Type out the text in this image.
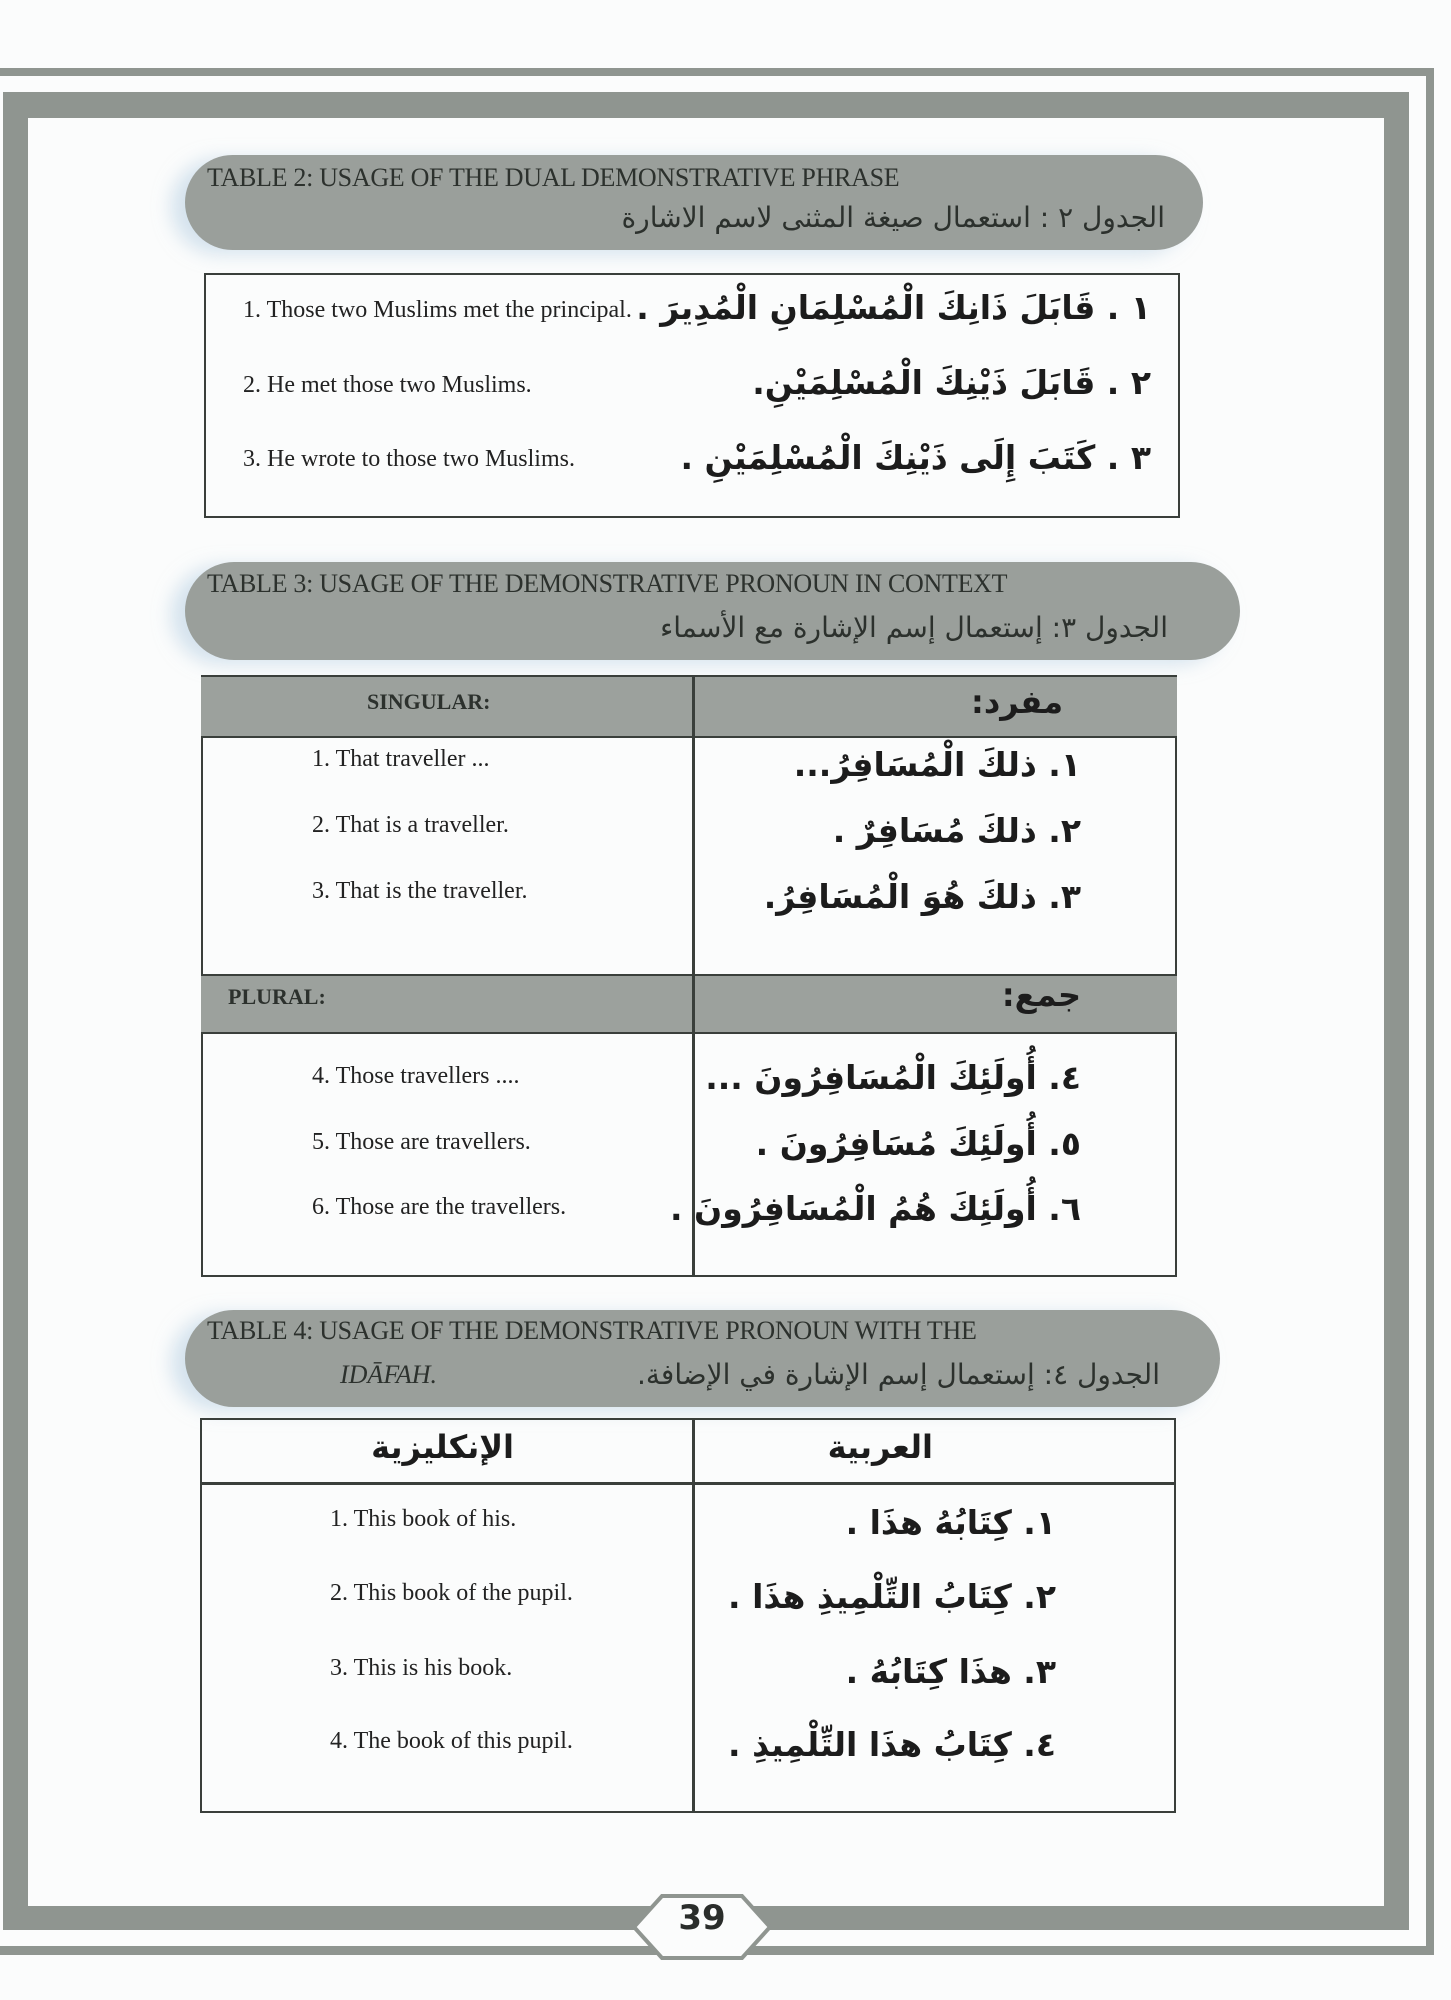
TABLE 2: USAGE OF THE DUAL DEMONSTRATIVE PHRASE
الجدول ٢ : استعمال صيغة المثنى لاسم الاشارة
1. Those two Muslims met the principal. ١ . قَابَلَ ذَانِكَ الْمُسْلِمَانِ الْمُدِيرَ .
2. He met those two Muslims.	٢ . قَابَلَ ذَيْنِكَ الْمُسْلِمَيْنِ.
3. He wrote to those two Muslims.	٣ . كَتَبَ إِلَى ذَيْنِكَ الْمُسْلِمَيْنِ .
TABLE 3: USAGE OF THE DEMONSTRATIVE PRONOUN IN CONTEXT
الجدول ٣: إستعمال إسم الإشارة مع الأسماء
SINGULAR:	مفرد:
1. That traveller ...	١. ذلكَ الْمُسَافِرُ...
2. That is a traveller.	٢. ذلكَ مُسَافِرٌ .
3. That is the traveller.	٣. ذلكَ هُوَ الْمُسَافِرُ.
PLURAL:	جمع:
4. Those travellers ....	٤. أُولَئِكَ الْمُسَافِرُونَ ...
5. Those are travellers.	٥. أُولَئِكَ مُسَافِرُونَ .
6. Those are the travellers.	٦. أُولَئِكَ هُمُ الْمُسَافِرُونَ .
TABLE 4: USAGE OF THE DEMONSTRATIVE PRONOUN WITH THE
IDĀFAH.	الجدول ٤: إستعمال إسم الإشارة في الإضافة.
الإنكليزية	العربية
1. This book of his.	١. كِتَابُهُ هذَا .
2. This book of the pupil.	٢. كِتَابُ التِّلْمِيذِ هذَا .
3. This is his book.	٣. هذَا كِتَابُهُ .
4. The book of this pupil.	٤. كِتَابُ هذَا التِّلْمِيذِ .
39
